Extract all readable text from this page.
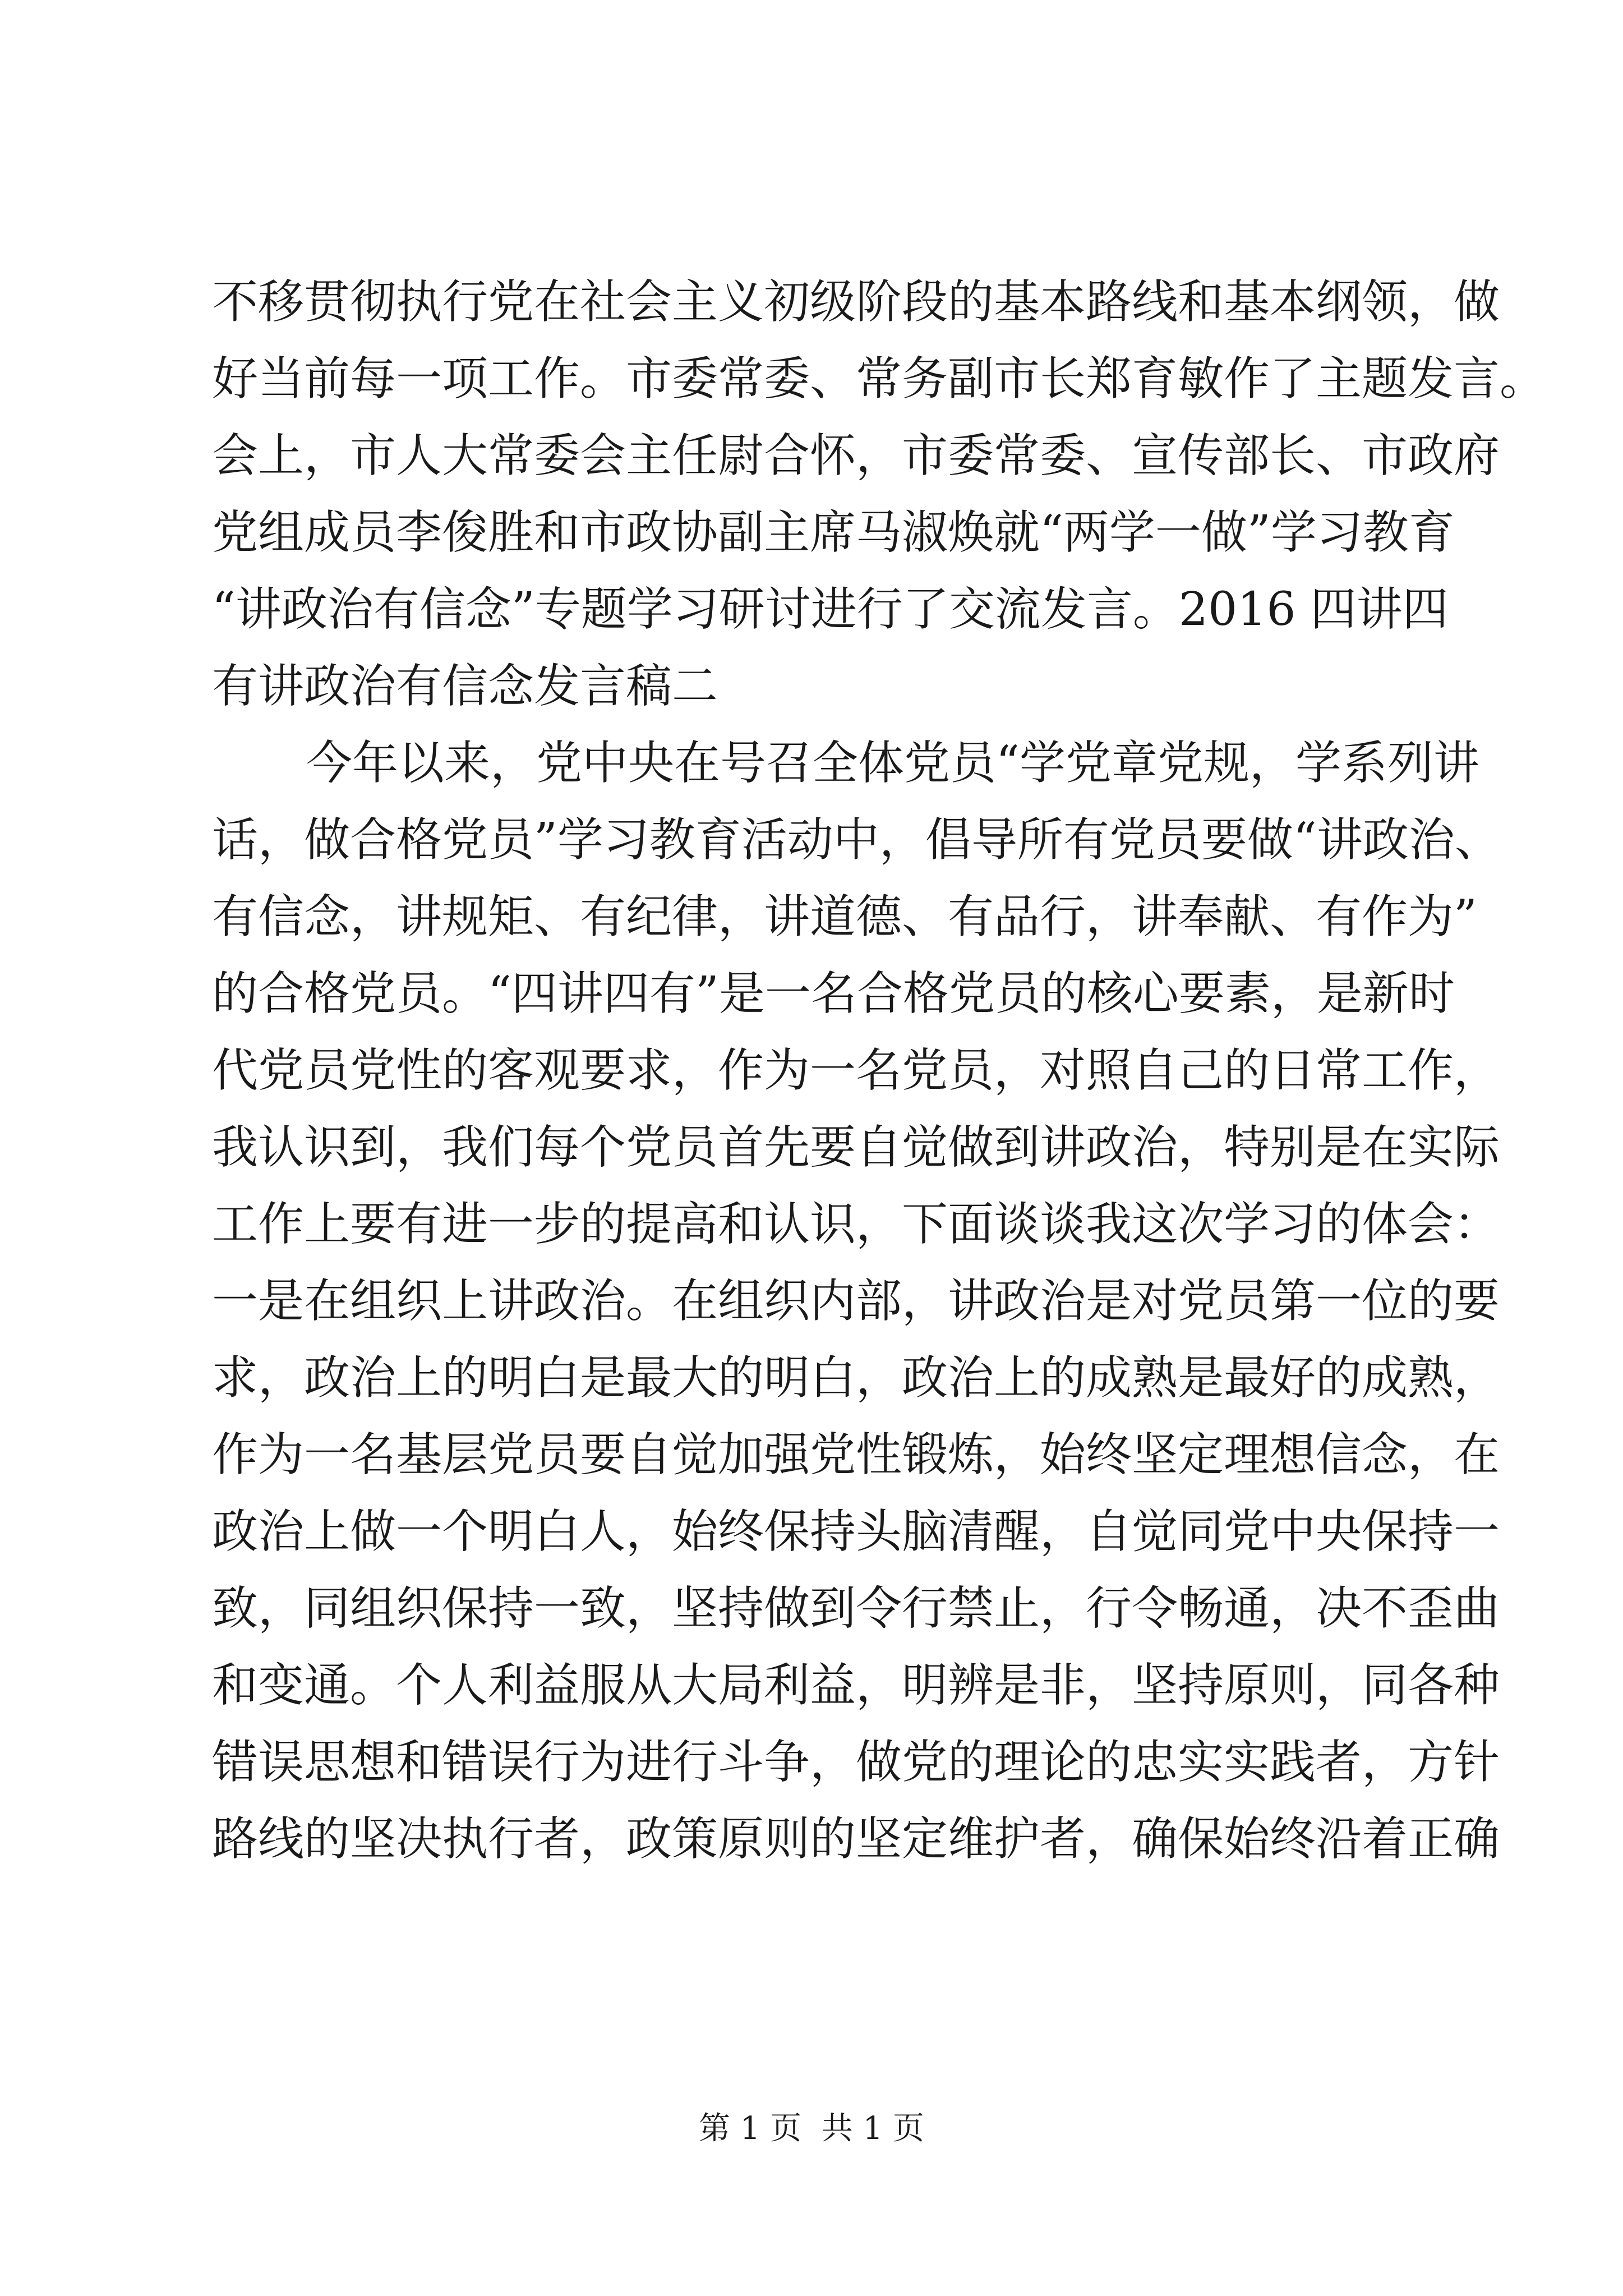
不移贯彻执行党在社会主义初级阶段的基本路线和基本纲领，做
好当前每一项工作。市委常委、常务副市长郑育敏作了主题发言。
会上，市人大常委会主任尉合怀，市委常委、宣传部长、市政府
党组成员李俊胜和市政协副主席马淑焕就“两学一做”学习教育
“讲政治有信念”专题学习研讨进行了交流发言。2016 四讲四
有讲政治有信念发言稿二
今年以来，党中央在号召全体党员“学党章党规，学系列讲
话，做合格党员”学习教育活动中，倡导所有党员要做“讲政治、
有信念，讲规矩、有纪律，讲道德、有品行，讲奉献、有作为”
的合格党员。“四讲四有”是一名合格党员的核心要素，是新时
代党员党性的客观要求，作为一名党员，对照自己的日常工作，
我认识到，我们每个党员首先要自觉做到讲政治，特别是在实际
工作上要有进一步的提高和认识，下面谈谈我这次学习的体会：
一是在组织上讲政治。在组织内部，讲政治是对党员第一位的要
求，政治上的明白是最大的明白，政治上的成熟是最好的成熟，
作为一名基层党员要自觉加强党性锻炼，始终坚定理想信念，在
政治上做一个明白人，始终保持头脑清醒，自觉同党中央保持一
致，同组织保持一致，坚持做到令行禁止，行令畅通，决不歪曲
和变通。个人利益服从大局利益，明辨是非，坚持原则，同各种
错误思想和错误行为进行斗争，做党的理论的忠实实践者，方针
路线的坚决执行者，政策原则的坚定维护者，确保始终沿着正确
第 1 页  共 1 页
